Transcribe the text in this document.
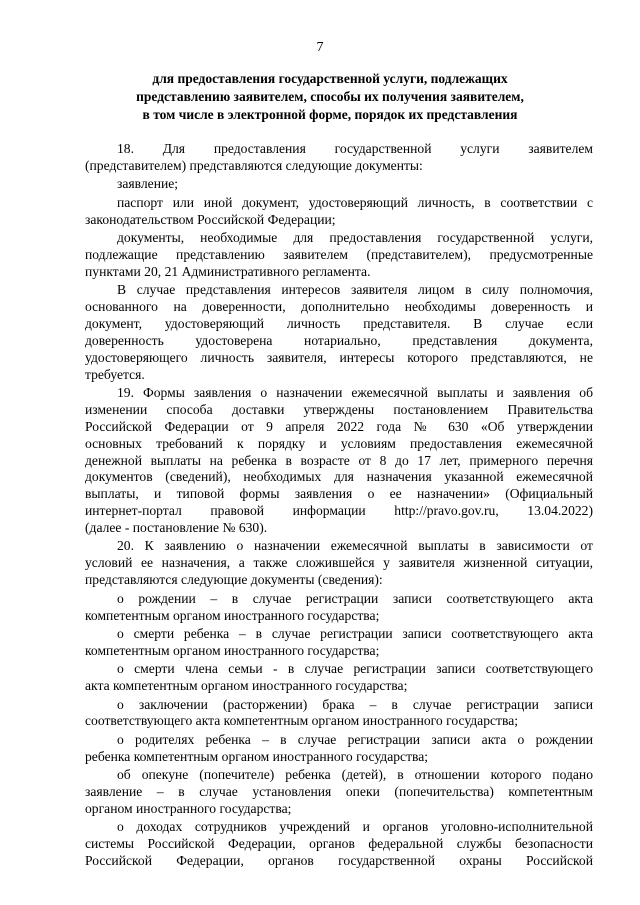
7
для предоставления государственной услуги, подлежащих
представлению заявителем, способы их получения заявителем,
в том числе в электронной форме, порядок их представления
18. Для предоставления государственной услуги заявителем
(представителем) представляются следующие документы:
заявление;
паспорт или иной документ, удостоверяющий личность, в соответствии с
законодательством Российской Федерации;
документы, необходимые для предоставления государственной услуги,
подлежащие представлению заявителем (представителем), предусмотренные
пунктами 20, 21 Административного регламента.
В случае представления интересов заявителя лицом в силу полномочия,
основанного на доверенности, дополнительно необходимы доверенность и
документ, удостоверяющий личность представителя. В случае если
доверенность удостоверена нотариально, представления документа,
удостоверяющего личность заявителя, интересы которого представляются, не
требуется.
19. Формы заявления о назначении ежемесячной выплаты и заявления об
изменении способа доставки утверждены постановлением Правительства
Российской Федерации от 9 апреля 2022 года № 630 «Об утверждении
основных требований к порядку и условиям предоставления ежемесячной
денежной выплаты на ребенка в возрасте от 8 до 17 лет, примерного перечня
документов (сведений), необходимых для назначения указанной ежемесячной
выплаты, и типовой формы заявления о ее назначении» (Официальный
интернет-портал правовой информации http://pravo.gov.ru, 13.04.2022)
(далее - постановление № 630).
20. К заявлению о назначении ежемесячной выплаты в зависимости от
условий ее назначения, а также сложившейся у заявителя жизненной ситуации,
представляются следующие документы (сведения):
о рождении – в случае регистрации записи соответствующего акта
компетентным органом иностранного государства;
о смерти ребенка – в случае регистрации записи соответствующего акта
компетентным органом иностранного государства;
о смерти члена семьи - в случае регистрации записи соответствующего
акта компетентным органом иностранного государства;
о заключении (расторжении) брака – в случае регистрации записи
соответствующего акта компетентным органом иностранного государства;
о родителях ребенка – в случае регистрации записи акта о рождении
ребенка компетентным органом иностранного государства;
об опекуне (попечителе) ребенка (детей), в отношении которого подано
заявление – в случае установления опеки (попечительства) компетентным
органом иностранного государства;
о доходах сотрудников учреждений и органов уголовно-исполнительной
системы Российской Федерации, органов федеральной службы безопасности
Российской Федерации, органов государственной охраны Российской
